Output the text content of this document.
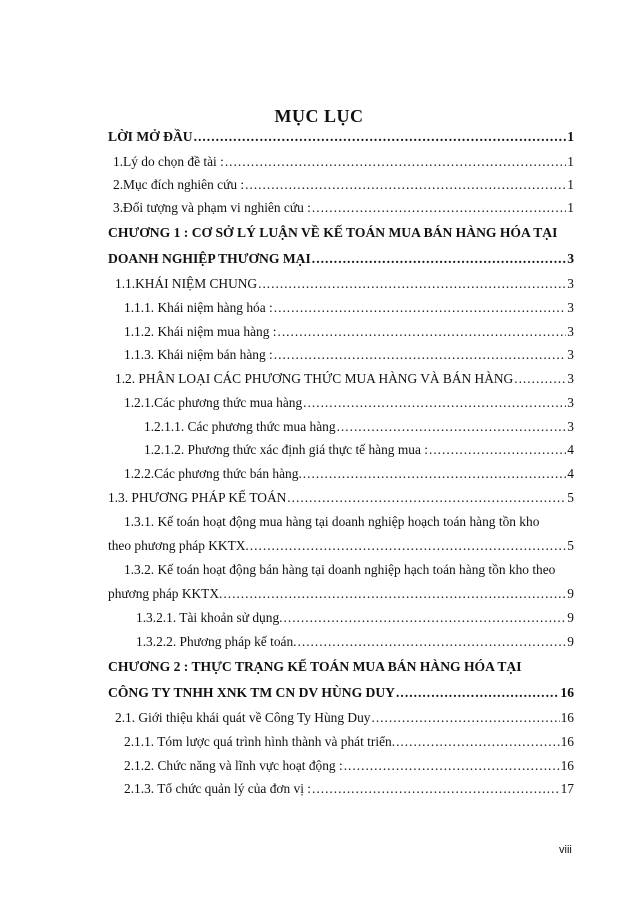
MỤC LỤC
LỜI MỞ ĐẦU .....	1
1.Lý do chọn đề tài : .....	1
2.Mục đích nghiên cứu : .....	1
3.Đối tượng và phạm vi nghiên cứu : .....	1
CHƯƠNG 1 : CƠ SỞ LÝ LUẬN VỀ KẾ TOÁN MUA BÁN HÀNG HÓA TẠI
DOANH NGHIỆP THƯƠNG MẠI .....	3
1.1.KHÁI NIỆM CHUNG .....	3
1.1.1. Khái niệm hàng hóa : .....	3
1.1.2. Khái niệm mua hàng : .....	3
1.1.3. Khái niệm bán hàng : .....	3
1.2. PHÂN LOẠI CÁC PHƯƠNG THỨC MUA HÀNG VÀ BÁN HÀNG .....	3
1.2.1.Các phương thức mua hàng .....	3
1.2.1.1. Các phương thức mua hàng .....	3
1.2.1.2. Phương thức xác định giá thực tế hàng mua : .....	4
1.2.2.Các phương thức bán hàng. .....	4
1.3. PHƯƠNG PHÁP KẾ TOÁN .....	5
1.3.1. Kế toán hoạt động mua hàng tại doanh nghiệp hoạch toán hàng tồn kho
theo phương pháp KKTX. .....	5
1.3.2. Kế toán hoạt động bán hàng tại doanh nghiệp hạch toán hàng tồn kho theo
phương pháp KKTX. .....	9
1.3.2.1. Tài khoản sử dụng. .....	9
1.3.2.2. Phương pháp kế toán. .....	9
CHƯƠNG 2 : THỰC TRẠNG KẾ TOÁN MUA BÁN HÀNG HÓA TẠI
CÔNG TY TNHH XNK TM CN DV HÙNG DUY .....	16
2.1. Giới thiệu khái quát về Công Ty Hùng Duy .....	16
2.1.1. Tóm lược quá trình hình thành và phát triển. .....	16
2.1.2. Chức năng và lĩnh vực hoạt động : .....	16
2.1.3. Tổ chức quản lý của đơn vị : .....	17
viii
